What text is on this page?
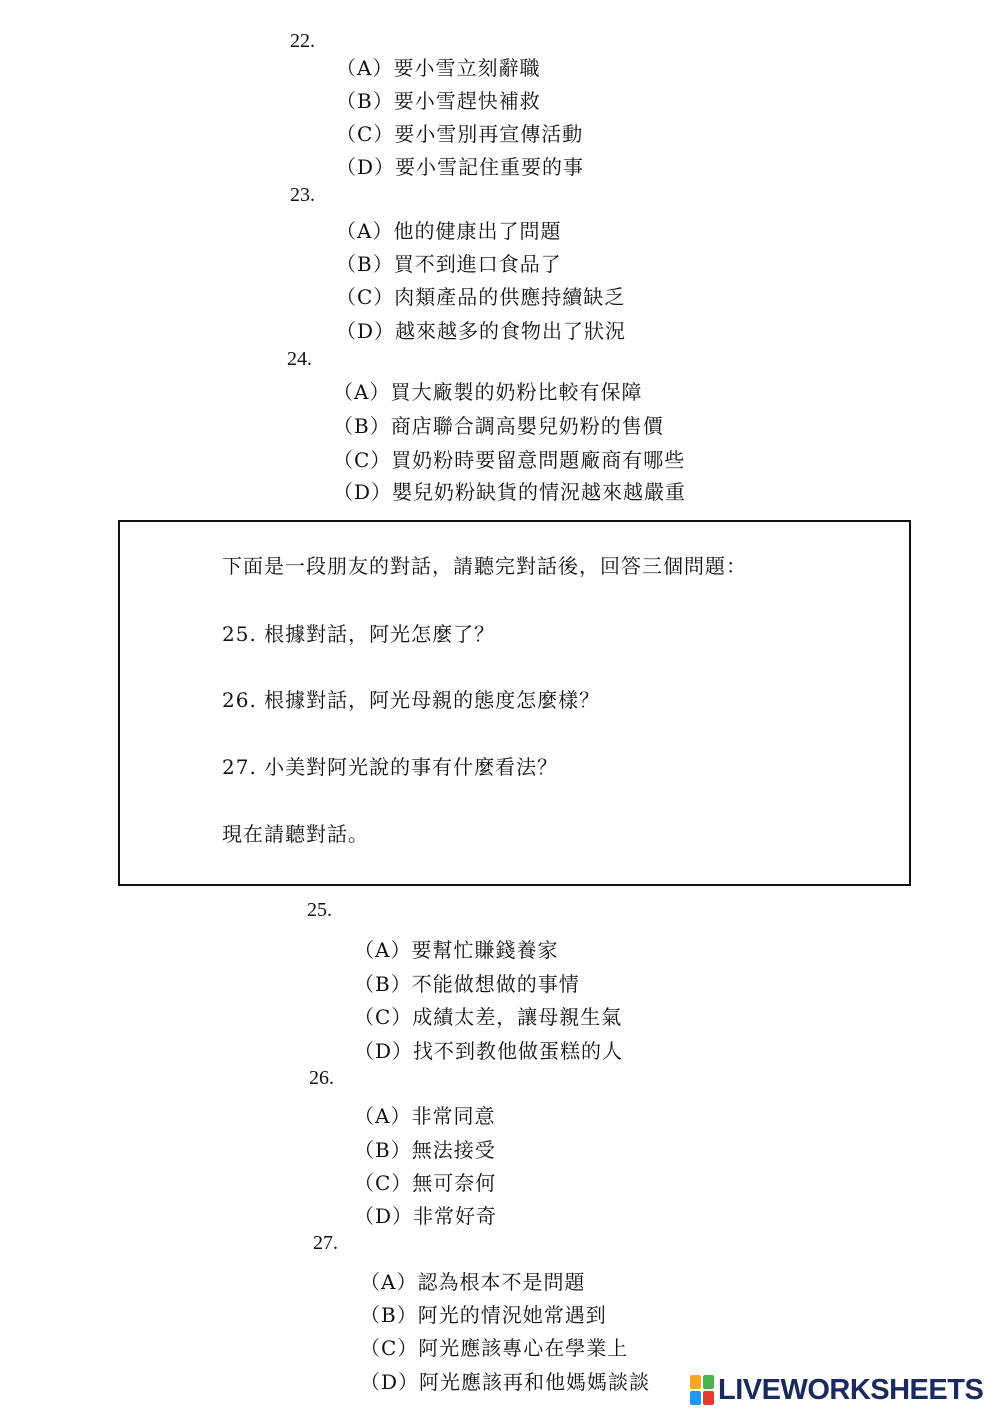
22.
（A）要小雪立刻辭職
（B）要小雪趕快補救
（C）要小雪別再宣傳活動
（D）要小雪記住重要的事
23.
（A）他的健康出了問題
（B）買不到進口食品了
（C）肉類產品的供應持續缺乏
（D）越來越多的食物出了狀況
24.
（A）買大廠製的奶粉比較有保障
（B）商店聯合調高嬰兒奶粉的售價
（C）買奶粉時要留意問題廠商有哪些
（D）嬰兒奶粉缺貨的情況越來越嚴重
下面是一段朋友的對話，請聽完對話後，回答三個問題：
25. 根據對話，阿光怎麼了？
26. 根據對話，阿光母親的態度怎麼樣？
27. 小美對阿光說的事有什麼看法？
現在請聽對話。
25.
（A）要幫忙賺錢養家
（B）不能做想做的事情
（C）成績太差，讓母親生氣
（D）找不到教他做蛋糕的人
26.
（A）非常同意
（B）無法接受
（C）無可奈何
（D）非常好奇
27.
（A）認為根本不是問題
（B）阿光的情況她常遇到
（C）阿光應該專心在學業上
（D）阿光應該再和他媽媽談談 LIVEWORKSHEETS
